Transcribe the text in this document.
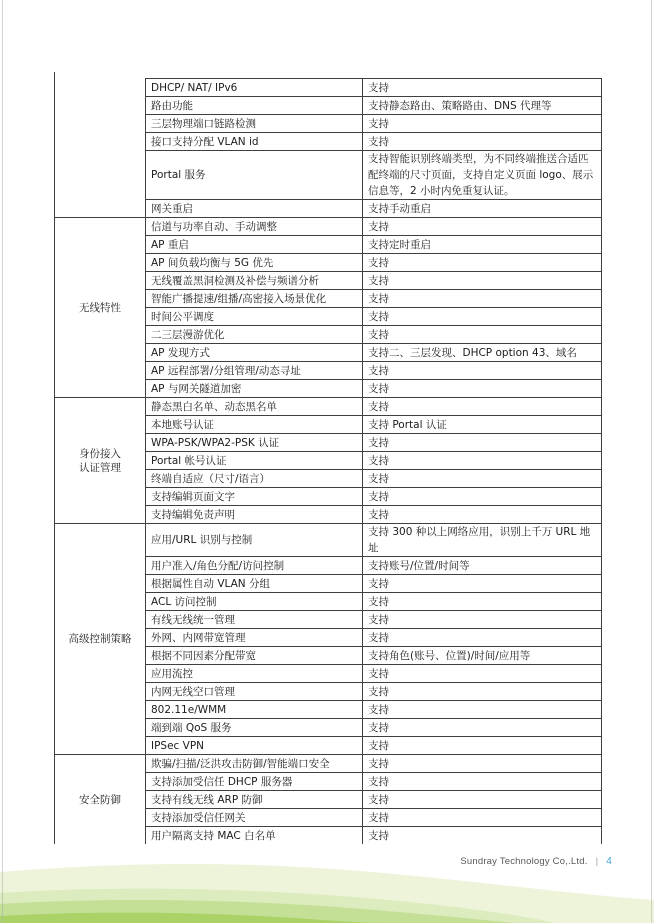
	DHCP/ NAT/ IPv6	支持
	路由功能	支持静态路由、策略路由、DNS 代理等
	三层物理端口链路检测	支持
	接口支持分配 VLAN id	支持
	Portal 服务	支持智能识别终端类型，为不同终端推送合适匹配终端的尺寸页面，支持自定义页面 logo、展示信息等，2 小时内免重复认证。
	网关重启	支持手动重启

无线特性	信道与功率自动、手动调整	支持
	AP 重启	支持定时重启
	AP 间负载均衡与 5G 优先	支持
	无线覆盖黑洞检测及补偿与频谱分析	支持
	智能广播提速/组播/高密接入场景优化	支持
	时间公平调度	支持
	二三层漫游优化	支持
	AP 发现方式	支持二、三层发现、DHCP option 43、域名
	AP 远程部署/分组管理/动态寻址	支持
	AP 与网关隧道加密	支持

身份接入
认证管理	静态黑白名单、动态黑名单	支持
	本地账号认证	支持 Portal 认证
	WPA-PSK/WPA2-PSK 认证	支持
	Portal 帐号认证	支持
	终端自适应（尺寸/语言）	支持
	支持编辑页面文字	支持
	支持编辑免责声明	支持

高级控制策略	应用/URL 识别与控制	支持 300 种以上网络应用，识别上千万 URL 地址
	用户准入/角色分配/访问控制	支持账号/位置/时间等
	根据属性自动 VLAN 分组	支持
	ACL 访问控制	支持
	有线无线统一管理	支持
	外网、内网带宽管理	支持
	根据不同因素分配带宽	支持角色(账号、位置)/时间/应用等
	应用流控	支持
	内网无线空口管理	支持
	802.11e/WMM	支持
	端到端 QoS 服务	支持
	IPSec VPN	支持

安全防御	欺骗/扫描/泛洪攻击防御/智能端口安全	支持
	支持添加受信任 DHCP 服务器	支持
	支持有线无线 ARP 防御	支持
	支持添加受信任网关	支持
	用户隔离支持 MAC 白名单	支持
Sundray Technology Co,.Ltd. | 4
